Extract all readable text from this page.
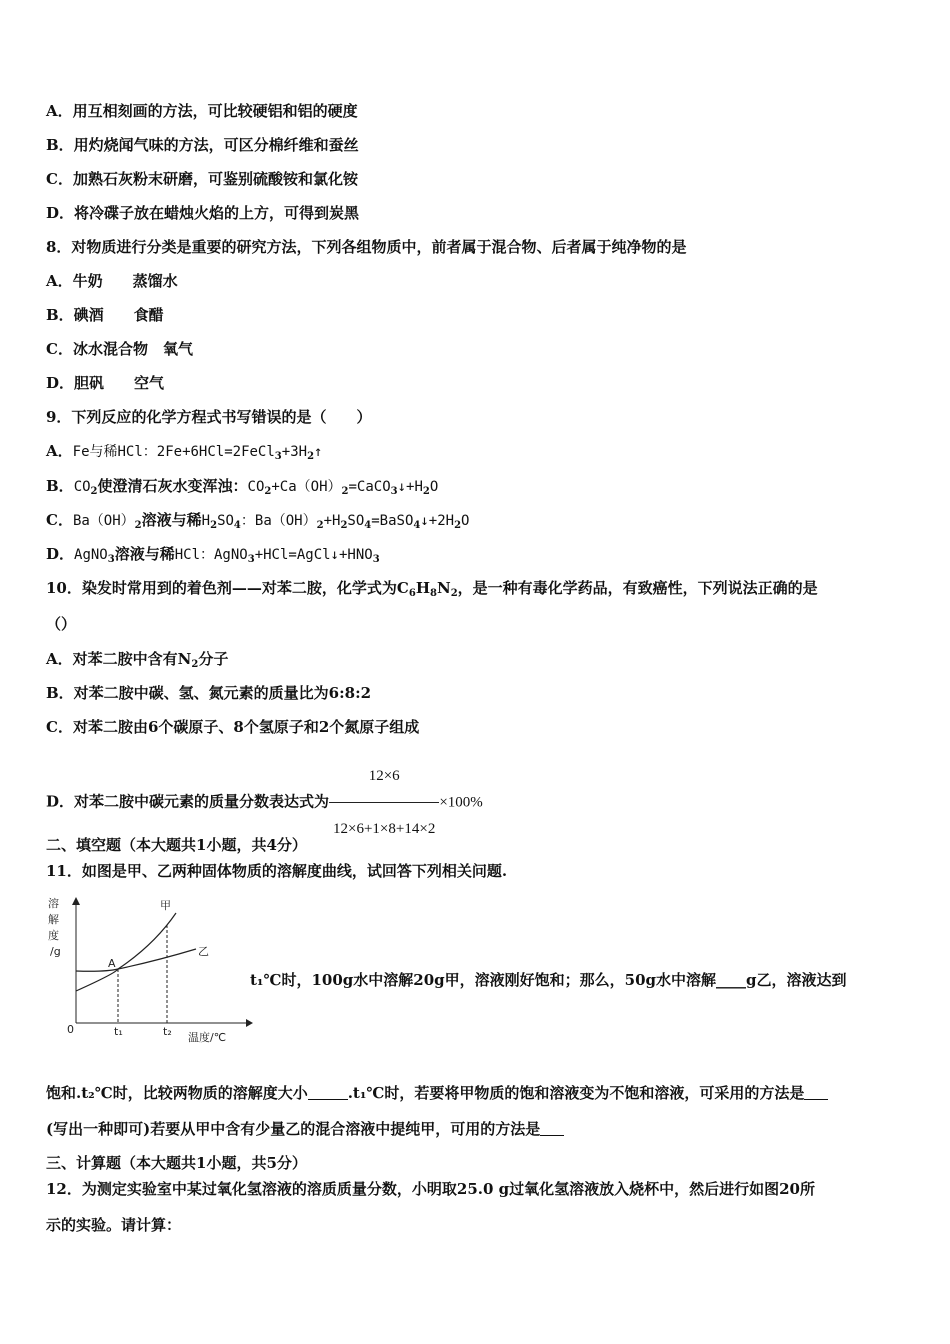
A．用互相刻画的方法，可比较硬铝和铝的硬度
B．用灼烧闻气味的方法，可区分棉纤维和蚕丝
C．加熟石灰粉末研磨，可鉴别硫酸铵和氯化铵
D．将冷碟子放在蜡烛火焰的上方，可得到炭黑
8．对物质进行分类是重要的研究方法，下列各组物质中，前者属于混合物、后者属于纯净物的是
A．牛奶　　蒸馏水
B．碘酒　　食醋
C．冰水混合物　氧气
D．胆矾　　空气
9．下列反应的化学方程式书写错误的是（　　）
A．Fe与稀HCl：$2Fe+6HCl=2FeCl_3+3H_2↑$
B．$CO_2$使澄清石灰水变浑浊：$CO_2+Ca(OH)_2=CaCO_3↓+H_2O$
C．$Ba(OH)_2$溶液与稀$H_2SO_4$：$Ba(OH)_2+H_2SO_4=BaSO_4↓+2H_2O$
D．AgNO$_3$溶液与稀HCl：$AgNO_3+HCl=AgCl↓+HNO_3$
10．染发时常用到的着色剂——对苯二胺，化学式为$C_6H_8N_2$，是一种有毒化学药品，有致癌性，下列说法正确的是
（）
A．对苯二胺中含有$N_2$分子
B．对苯二胺中碳、氢、氮元素的质量比为6:8:2
C．对苯二胺由6个碳原子、8个氢原子和2个氮原子组成
D．对苯二胺中碳元素的质量分数表达式为 $\frac{12\times 6}{12\times 6+1\times 8+14\times 2} \times 100\%$
二、填空题（本大题共1小题，共4分）
11．如图是甲、乙两种固体物质的溶解度曲线，试回答下列相关问题.
溶
解
度
/g
0	t₁	t₂ 温度/℃
A
甲
乙
t₁℃时，100g水中溶解20g甲，溶液刚好饱和；那么，50g水中溶解____g乙，溶液达到
饱和.t₂℃时，比较两物质的溶解度大小	.t₁℃时，若要将甲物质的饱和溶液变为不饱和溶液，可采用的方法是
(写出一种即可)若要从甲中含有少量乙的混合溶液中提纯甲，可用的方法是
三、计算题（本大题共1小题，共5分）
12．为测定实验室中某过氧化氢溶液的溶质质量分数，小明取25.0 g过氧化氢溶液放入烧杯中，然后进行如图20所
示的实验。请计算：
